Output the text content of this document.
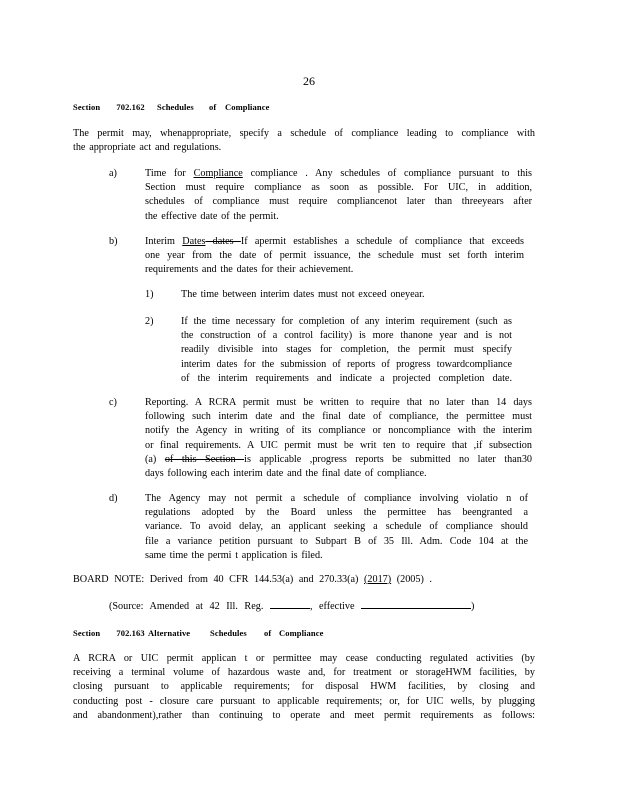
26
Section 702.162 Schedules of Compliance
The permit may, whenappropriate, specify a schedule of compliance leading to compliance with
the appropriate act and regulations.
a)	Time for Compliance compliance . Any schedules of compliance pursuant to this
Section must require compliance as soon as possible. For UIC, in addition,
schedules of compliance must require compliancenot later than threeyears after
the effective date of the permit.
b)	Interim Dates dates If apermit establishes a schedule of compliance that exceeds
one year from the date of permit issuance, the schedule must set forth interim
requirements and the dates for their achievement.
1)	The time between interim dates must not exceed oneyear.
2)	If the time necessary for completion of any interim requirement (such as
the construction of a control facility) is more thanone year and is not
readily divisible into stages for completion, the permit must specify
interim dates for the submission of reports of progress towardcompliance
of the interim requirements and indicate a projected completion date.
c)	Reporting. A RCRA permit must be written to require that no later than 14 days
following such interim date and the final date of compliance, the permittee must
notify the Agency in writing of its compliance or noncompliance with the interim
or final requirements. A UIC permit must be writ ten to require that ,if subsection
(a) of this Section is applicable ,progress reports be submitted no later than30
days following each interim date and the final date of compliance.
d)	The Agency may not permit a schedule of compliance involving violatio n of
regulations adopted by the Board unless the permittee has beengranted a
variance. To avoid delay, an applicant seeking a schedule of compliance should
file a variance petition pursuant to Subpart B of 35 Ill. Adm. Code 104 at the
same time the permi t application is filed.
BOARD NOTE: Derived from 40 CFR 144.53(a) and 270.33(a) (2017) (2005) .
(Source: Amended at 42 Ill. Reg.	, effective	)
Section 702.163 Alternative Schedules of Compliance
A RCRA or UIC permit applican t or permittee may cease conducting regulated activities (by
receiving a terminal volume of hazardous waste and, for treatment or storageHWM facilities, by
closing pursuant to applicable requirements; for disposal HWM facilities, by closing and
conducting post - closure care pursuant to applicable requirements; or, for UIC wells, by plugging
and abandonment),rather than continuing to operate and meet permit requirements as follows:
